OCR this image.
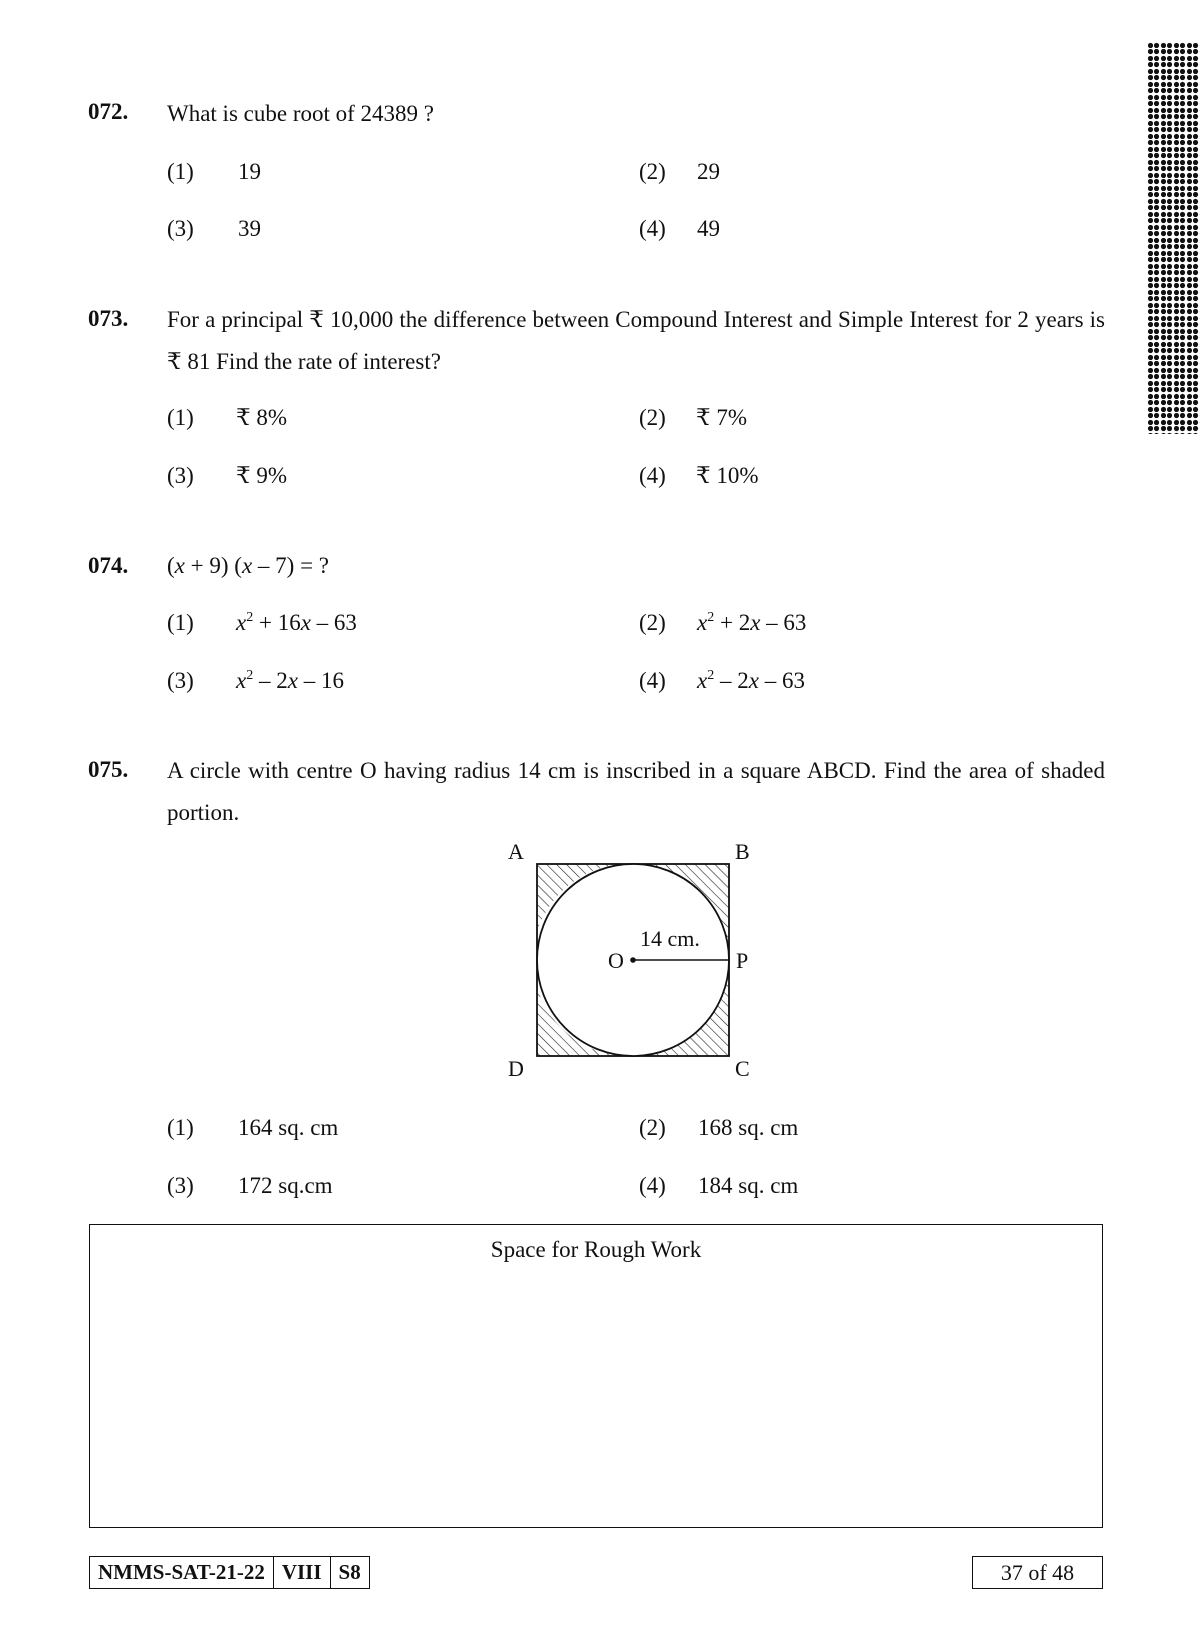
072. What is cube root of 24389 ?
(1) 19	(2) 29
(3) 39	(4) 49
073. For a principal ₹ 10,000 the difference between Compound Interest and Simple Interest for 2 years is ₹ 81 Find the rate of interest?
(1) ₹ 8%	(2) ₹ 7%
(3) ₹ 9%	(4) ₹ 10%
074. (x + 9) (x – 7) = ?
(1) $x^2 + 16x - 63$	(2) $x^2 + 2x - 63$
(3) $x^2 - 2x - 16$	(4) $x^2 - 2x - 63$
075. A circle with centre O having radius 14 cm is inscribed in a square ABCD. Find the area of shaded portion.
A	B
D	C
O	P
14 cm.
(1) 164 sq. cm	(2) 168 sq. cm
(3) 172 sq.cm	(4) 184 sq. cm
Space for Rough Work
NMMS-SAT-21-22 VIII S8	37 of 48
